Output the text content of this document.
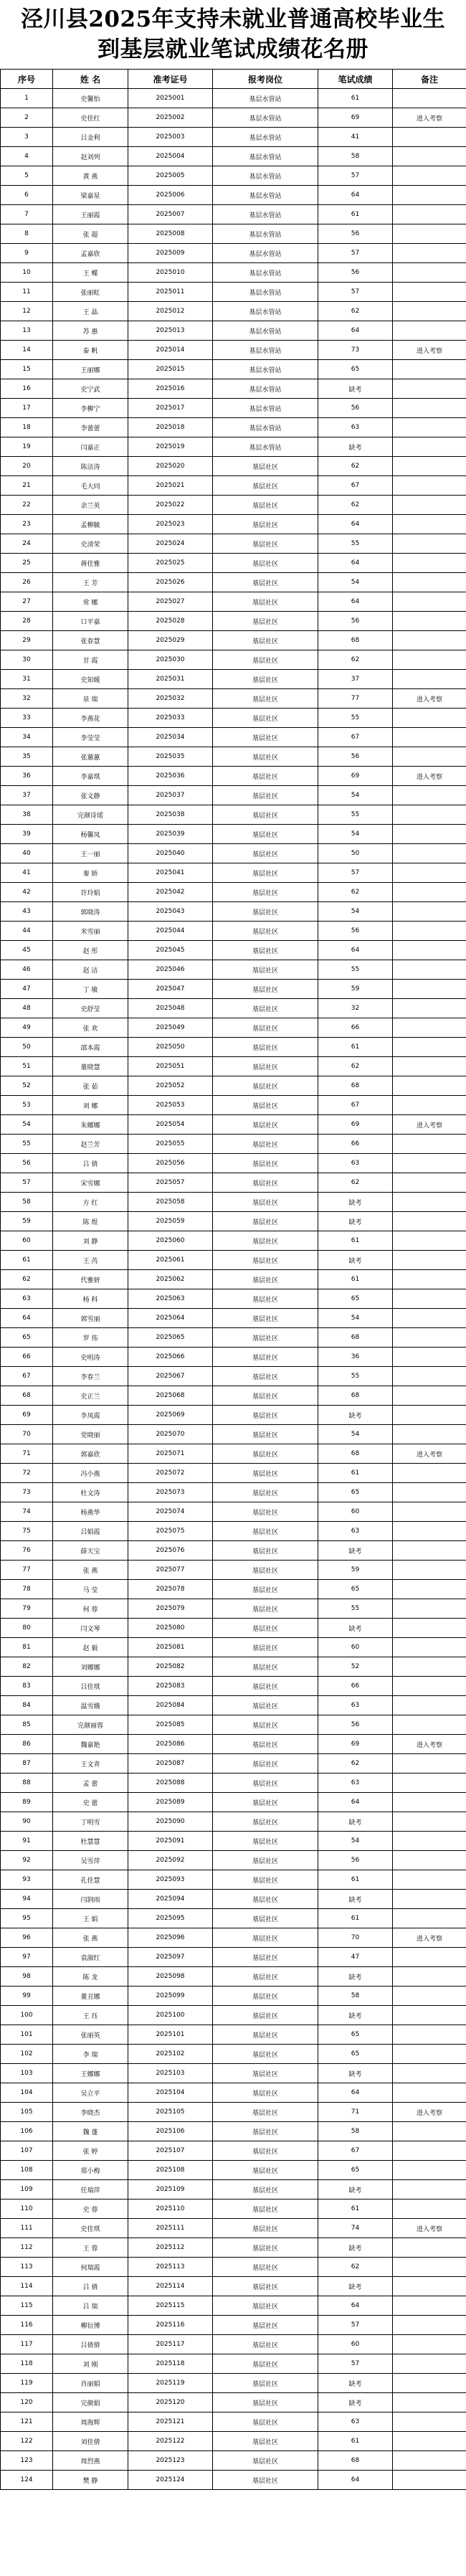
泾川县2025年支持未就业普通高校毕业生
到基层就业笔试成绩花名册
序号	姓 名	准考证号	报考岗位	笔试成绩	备注
1	史馨怡	2025001	基层水管站	61	
2	史佳红	2025002	基层水管站	69	进入考察
3	吕金利	2025003	基层水管站	41	
4	赵刘列	2025004	基层水管站	58	
5	黄 燕	2025005	基层水管站	57	
6	梁嘉星	2025006	基层水管站	64	
7	王丽霞	2025007	基层水管站	61	
8	张 超	2025008	基层水管站	56	
9	孟嘉欣	2025009	基层水管站	57	
10	王 蝶	2025010	基层水管站	56	
11	张丽虹	2025011	基层水管站	57	
12	王 晶	2025012	基层水管站	62	
13	苏 惠	2025013	基层水管站	64	
14	泰 帆	2025014	基层水管站	73	进入考察
15	王丽娜	2025015	基层水管站	65	
16	史宁武	2025016	基层水管站	缺考	
17	李柳宁	2025017	基层水管站	56	
18	李蕾蕾	2025018	基层水管站	63	
19	闫嘉正	2025019	基层水管站	缺考	
20	陈洁涛	2025020	基层社区	62	
21	毛大同	2025021	基层社区	67	
22	余兰英	2025022	基层社区	62	
23	孟柳毓	2025023	基层社区	64	
24	史清荣	2025024	基层社区	55	
25	蒋佳雅	2025025	基层社区	64	
26	王 芳	2025026	基层社区	54	
27	常 娜	2025027	基层社区	64	
28	口平嘉	2025028	基层社区	56	
29	张春慧	2025029	基层社区	68	
30	甘 霞	2025030	基层社区	62	
31	史知媛	2025031	基层社区	37	
32	泉 瑞	2025032	基层社区	77	进入考察
33	李燕花	2025033	基层社区	55	
34	李莹莹	2025034	基层社区	67	
35	张蕙蕙	2025035	基层社区	56	
36	李嘉琪	2025036	基层社区	69	进入考察
37	张文静	2025037	基层社区	54	
38	完颜诗瑶	2025038	基层社区	55	
39	杨馨凤	2025039	基层社区	54	
40	王一丽	2025040	基层社区	50	
41	秦 娇	2025041	基层社区	57	
42	许玲娟	2025042	基层社区	62	
43	郭晓涛	2025043	基层社区	54	
44	米雪丽	2025044	基层社区	56	
45	赵 彤	2025045	基层社区	64	
46	赵 洁	2025046	基层社区	55	
47	丁 敏	2025047	基层社区	59	
48	史舒莹	2025048	基层社区	32	
49	张 欢	2025049	基层社区	66	
50	邵本霞	2025050	基层社区	61	
51	董晓慧	2025051	基层社区	62	
52	张 茹	2025052	基层社区	68	
53	刘 娜	2025053	基层社区	67	
54	朱娜娜	2025054	基层社区	69	进入考察
55	赵兰芳	2025055	基层社区	66	
56	吕 倩	2025056	基层社区	63	
57	宋雪娜	2025057	基层社区	62	
58	方 红	2025058	基层社区	缺考	
59	陈 煜	2025059	基层社区	缺考	
60	刘 静	2025060	基层社区	61	
61	王 芮	2025061	基层社区	缺考	
62	代雅妍	2025062	基层社区	61	
63	杨 科	2025063	基层社区	65	
64	郭雪丽	2025064	基层社区	54	
65	罗 伟	2025065	基层社区	68	
66	史明涛	2025066	基层社区	36	
67	李春兰	2025067	基层社区	55	
68	史正兰	2025068	基层社区	68	
69	李凤霞	2025069	基层社区	缺考	
70	党晓丽	2025070	基层社区	54	
71	郭嘉欣	2025071	基层社区	68	进入考察
72	冯小燕	2025072	基层社区	61	
73	杜文涛	2025073	基层社区	65	
74	杨燕华	2025074	基层社区	60	
75	吕娟霞	2025075	基层社区	63	
76	薛天宝	2025076	基层社区	缺考	
77	张 燕	2025077	基层社区	59	
78	马 莹	2025078	基层社区	65	
79	何 蓉	2025079	基层社区	55	
80	闫文琴	2025080	基层社区	缺考	
81	赵 毅	2025081	基层社区	60	
82	刘娜娜	2025082	基层社区	52	
83	吕佳琪	2025083	基层社区	66	
84	温雪娥	2025084	基层社区	63	
85	完颜丽蓉	2025085	基层社区	56	
86	魏嘉艳	2025086	基层社区	69	进入考察
87	王文青	2025087	基层社区	62	
88	孟 蕾	2025088	基层社区	63	
89	史 蕾	2025089	基层社区	64	
90	丁明雪	2025090	基层社区	缺考	
91	杜慧慧	2025091	基层社区	54	
92	吴雪萍	2025092	基层社区	56	
93	孔佳慧	2025093	基层社区	61	
94	闫润雨	2025094	基层社区	缺考	
95	王 娟	2025095	基层社区	61	
96	张 燕	2025096	基层社区	70	进入考察
97	袁淑红	2025097	基层社区	47	
98	陈 龙	2025098	基层社区	缺考	
99	董丑娜	2025099	基层社区	58	
100	王 珏	2025100	基层社区	缺考	
101	张丽英	2025101	基层社区	65	
102	李 瑞	2025102	基层社区	65	
103	王娜娜	2025103	基层社区	缺考	
104	吴立平	2025104	基层社区	64	
105	李晓杰	2025105	基层社区	71	进入考察
106	魏 蓬	2025106	基层社区	58	
107	张 婷	2025107	基层社区	67	
108	郑小梅	2025108	基层社区	65	
109	任瑞萍	2025109	基层社区	缺考	
110	史 蓉	2025110	基层社区	61	
111	史佳琪	2025111	基层社区	74	进入考察
112	王 蓉	2025112	基层社区	缺考	
113	何瑞霞	2025113	基层社区	62	
114	吕 倩	2025114	基层社区	缺考	
115	吕 瑞	2025115	基层社区	64	
116	柳衍博	2025116	基层社区	57	
117	吕倩倩	2025117	基层社区	60	
118	刘 刚	2025118	基层社区	57	
119	肖丽娟	2025119	基层社区	缺考	
120	完颜娟	2025120	基层社区	缺考	
121	周海辉	2025121	基层社区	63	
122	刘佳倩	2025122	基层社区	61	
123	周烈燕	2025123	基层社区	68	
124	樊 静	2025124	基层社区	64	
